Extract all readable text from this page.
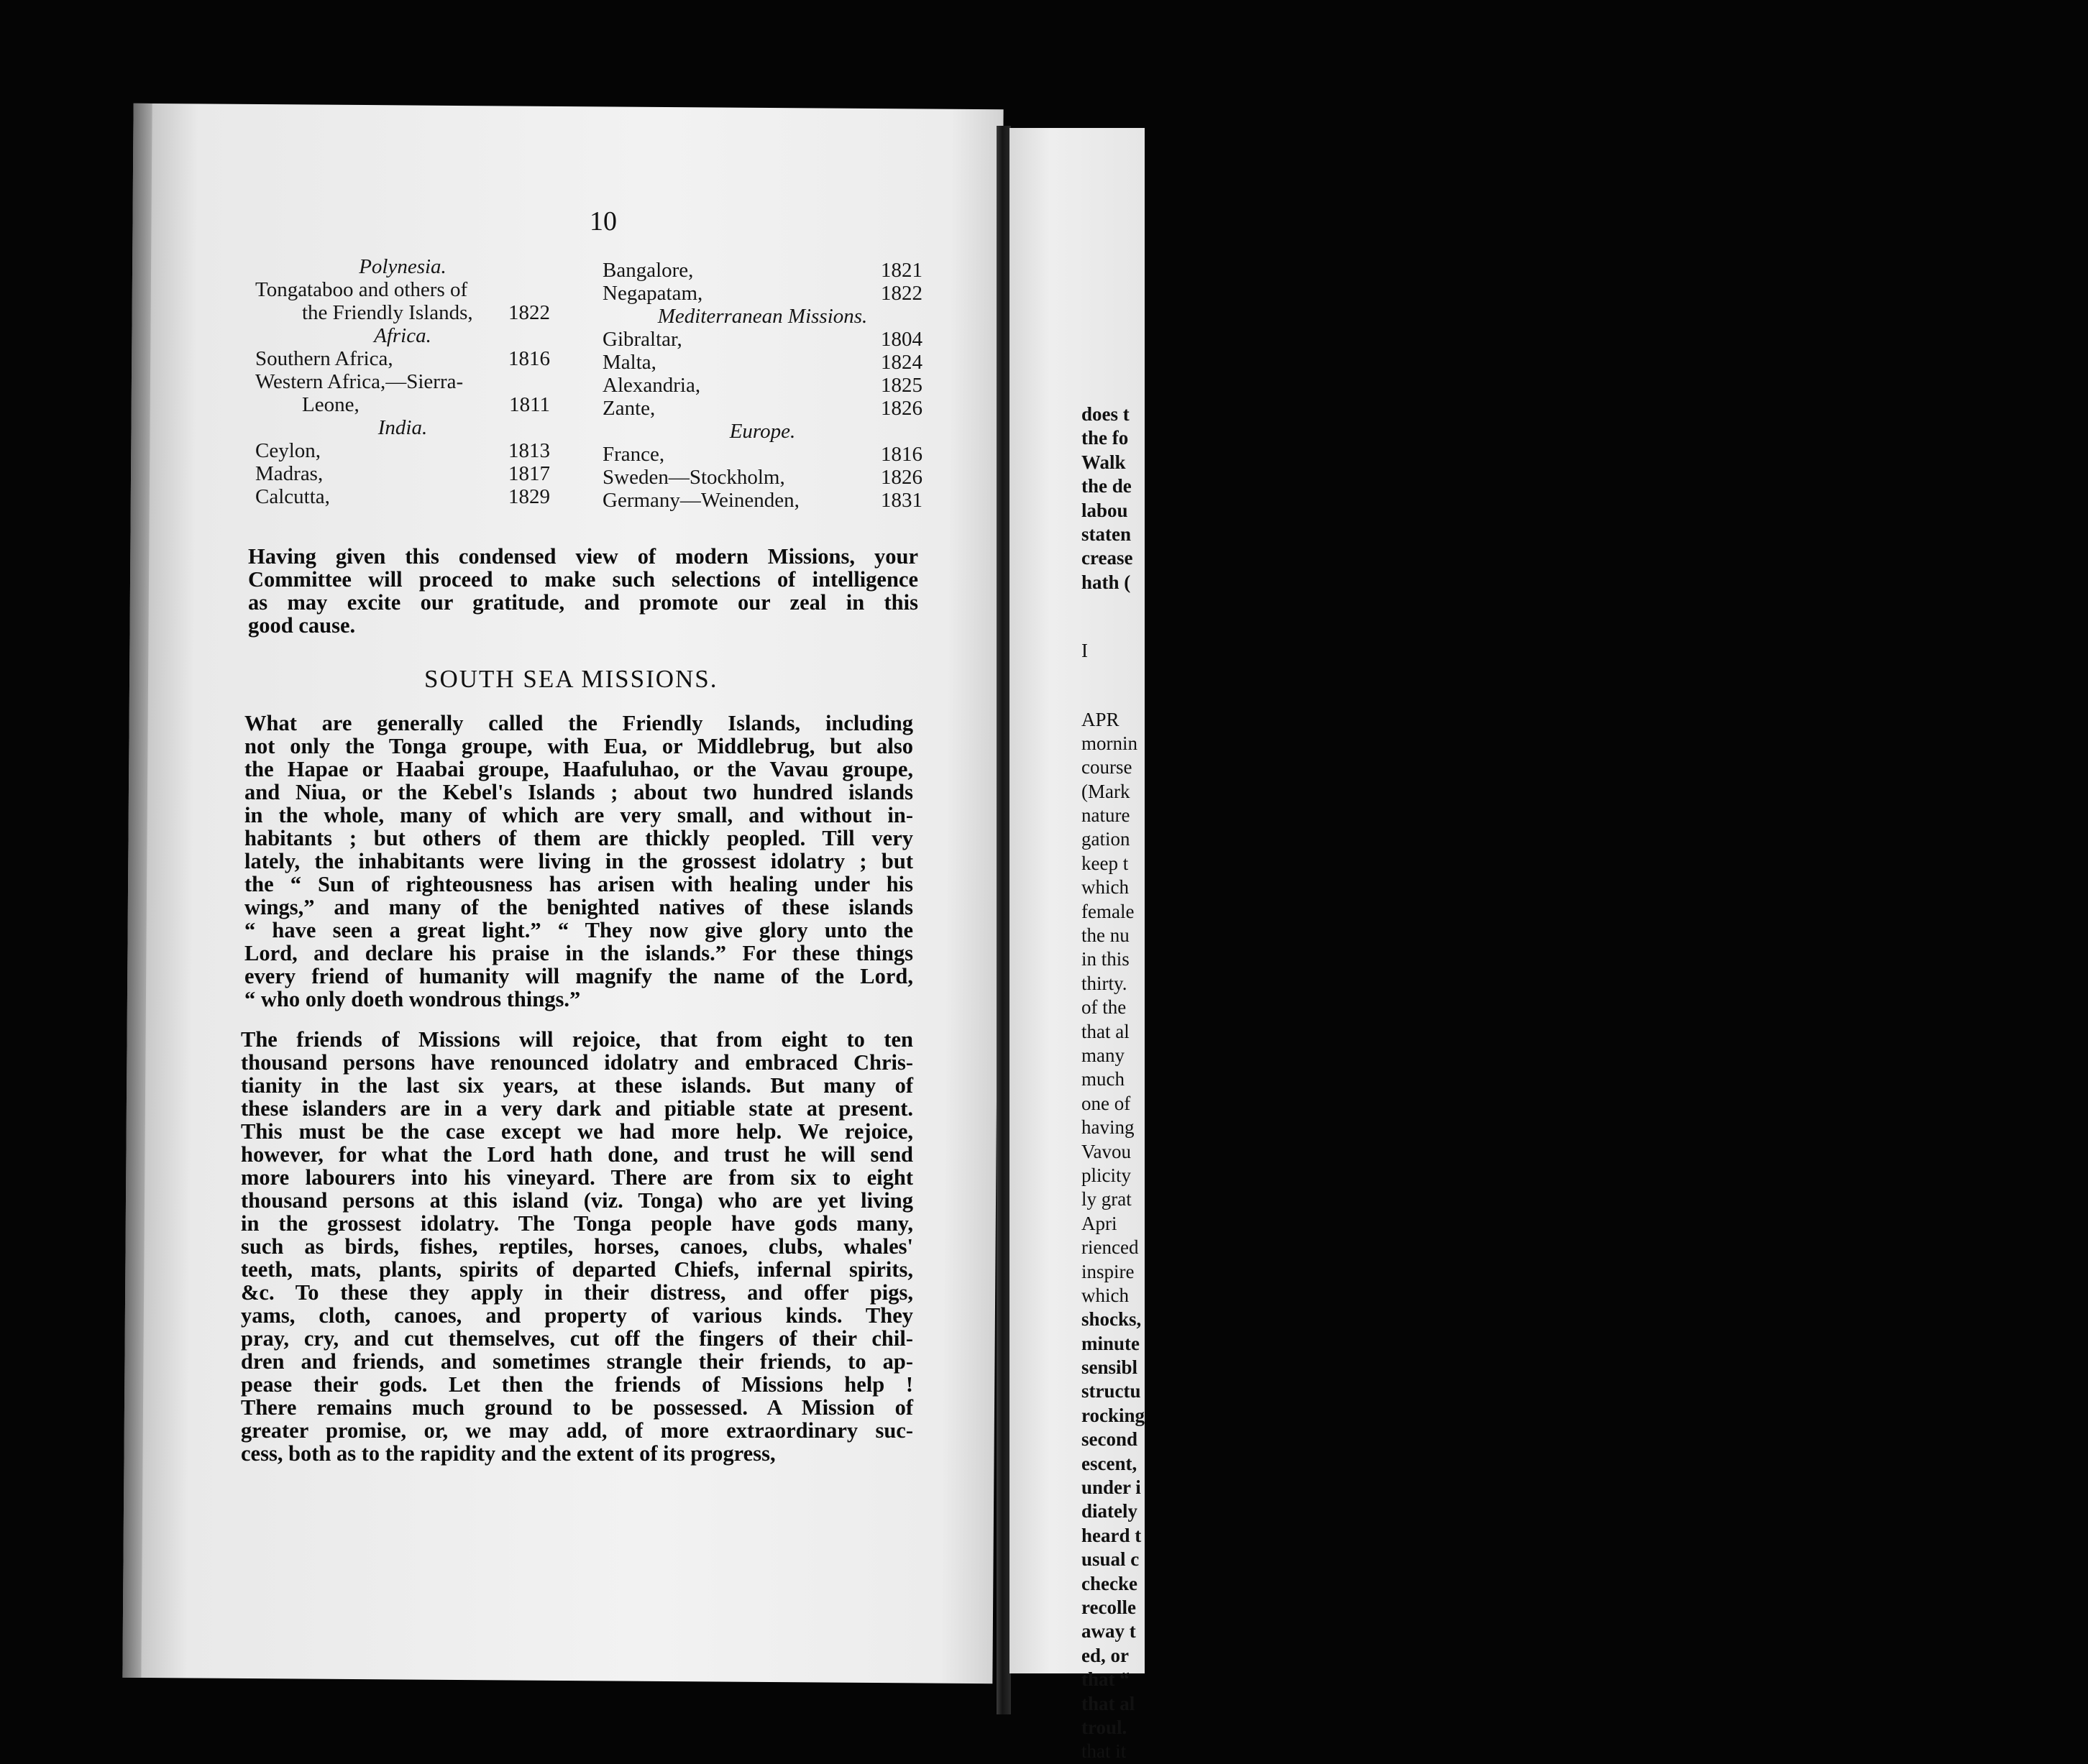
does t
the fo
Walk
the de
labou
staten
crease
hath (
I
APR
mornin
course
(Mark
nature
gation
keep t
which
female
the nu
in this
thirty.
of the
that al
many
much
one of
having
Vavou
plicity
ly grat
Apri
rienced
inspire
which
shocks,
minute
sensibl
structu
rocking
second
escent,
under i
diately
heard t
usual c
checke
recolle
away t
ed, or
that “
that al
troul.
that it
10
Polynesia.
Tongataboo and others of
the Friendly Islands,	1822
Africa.
Southern Africa,	1816
Western Africa,—Sierra-
Leone,	1811
India.
Ceylon,	1813
Madras,	1817
Calcutta,	1829
Bangalore,	1821
Negapatam,	1822
Mediterranean Missions.
Gibraltar,	1804
Malta,	1824
Alexandria,	1825
Zante,	1826
Europe.
France,	1816
Sweden—Stockholm,	1826
Germany—Weinenden,	1831
Having given this condensed view of modern Missions, your
Committee will proceed to make such selections of intelligence
as may excite our gratitude, and promote our zeal in this
good cause.
SOUTH SEA MISSIONS.
What are generally called the Friendly Islands, including
not only the Tonga groupe, with Eua, or Middlebrug, but also
the Hapae or Haabai groupe, Haafuluhao, or the Vavau groupe,
and Niua, or the Kebel's Islands ; about two hundred islands
in the whole, many of which are very small, and without in-
habitants ; but others of them are thickly peopled. Till very
lately, the inhabitants were living in the grossest idolatry ; but
the “ Sun of righteousness has arisen with healing under his
wings,” and many of the benighted natives of these islands
“ have seen a great light.” “ They now give glory unto the
Lord, and declare his praise in the islands.” For these things
every friend of humanity will magnify the name of the Lord,
“ who only doeth wondrous things.”
The friends of Missions will rejoice, that from eight to ten
thousand persons have renounced idolatry and embraced Chris-
tianity in the last six years, at these islands. But many of
these islanders are in a very dark and pitiable state at present.
This must be the case except we had more help. We rejoice,
however, for what the Lord hath done, and trust he will send
more labourers into his vineyard. There are from six to eight
thousand persons at this island (viz. Tonga) who are yet living
in the grossest idolatry. The Tonga people have gods many,
such as birds, fishes, reptiles, horses, canoes, clubs, whales'
teeth, mats, plants, spirits of departed Chiefs, infernal spirits,
&c. To these they apply in their distress, and offer pigs,
yams, cloth, canoes, and property of various kinds. They
pray, cry, and cut themselves, cut off the fingers of their chil-
dren and friends, and sometimes strangle their friends, to ap-
pease their gods. Let then the friends of Missions help !
There remains much ground to be possessed. A Mission of
greater promise, or, we may add, of more extraordinary suc-
cess, both as to the rapidity and the extent of its progress,
